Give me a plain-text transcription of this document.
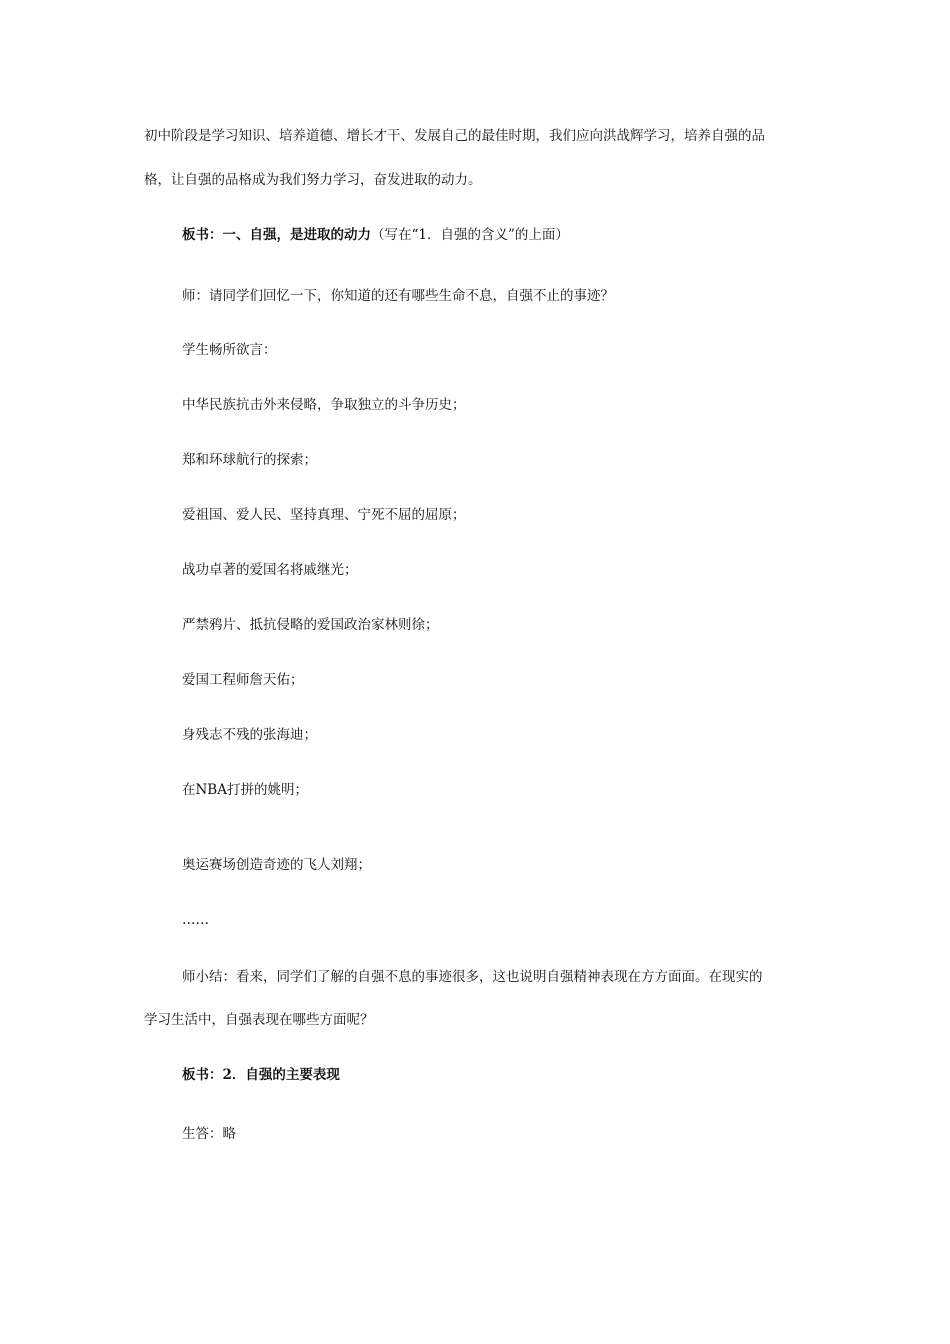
初中阶段是学习知识、培养道德、增长才干、发展自己的最佳时期，我们应向洪战辉学习，培养自强的品
格，让自强的品格成为我们努力学习，奋发进取的动力。
板书：一、自强，是进取的动力（写在“1．自强的含义”的上面）
师：请同学们回忆一下，你知道的还有哪些生命不息，自强不止的事迹？
学生畅所欲言：
中华民族抗击外来侵略，争取独立的斗争历史；
郑和环球航行的探索；
爱祖国、爱人民、坚持真理、宁死不屈的屈原；
战功卓著的爱国名将戚继光；
严禁鸦片、抵抗侵略的爱国政治家林则徐；
爱国工程师詹天佑；
身残志不残的张海迪；
在NBA打拼的姚明；
奥运赛场创造奇迹的飞人刘翔；
……
师小结：看来，同学们了解的自强不息的事迹很多，这也说明自强精神表现在方方面面。在现实的
学习生活中，自强表现在哪些方面呢？
板书：2．自强的主要表现
生答：略
